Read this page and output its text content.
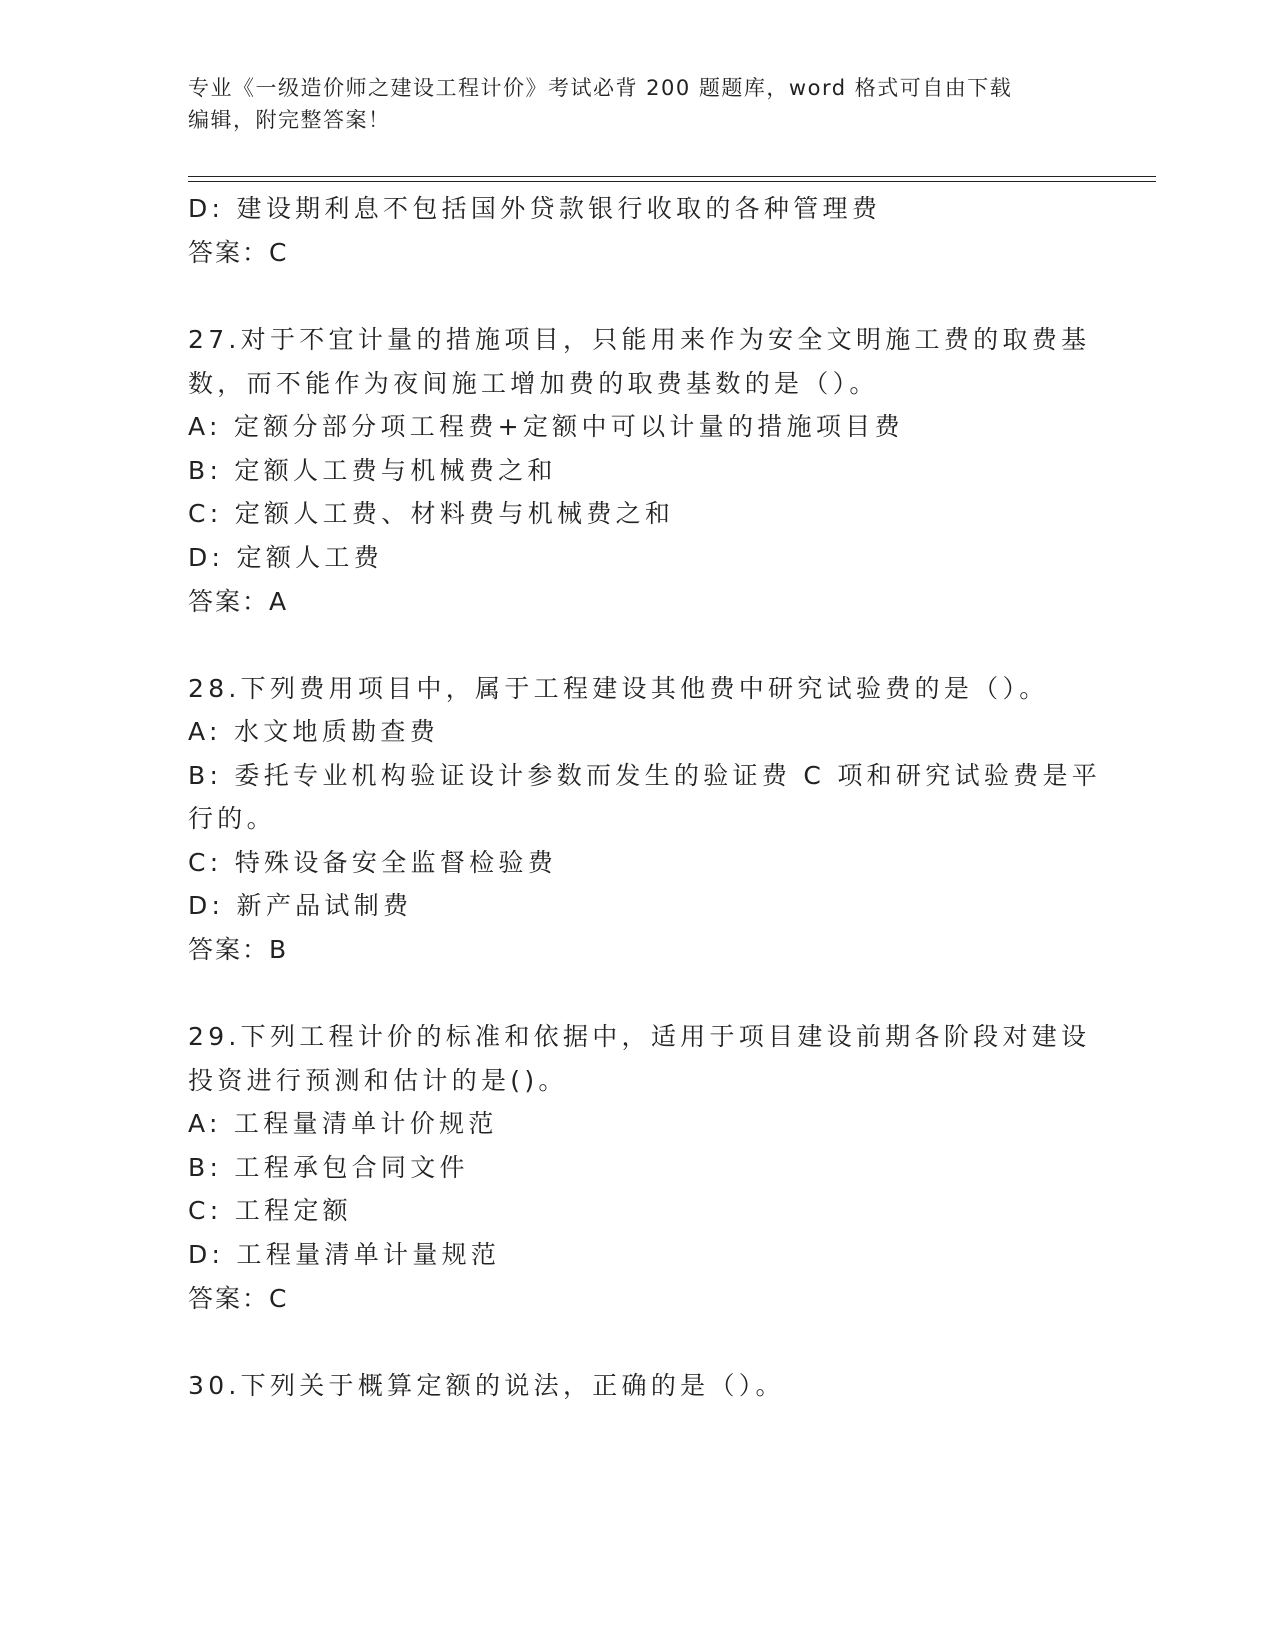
专业《一级造价师之建设工程计价》考试必背 200 题题库，word 格式可自由下载
编辑，附完整答案！
D: 建设期利息不包括国外贷款银行收取的各种管理费
答案：C
27.对于不宜计量的措施项目，只能用来作为安全文明施工费的取费基
数，而不能作为夜间施工增加费的取费基数的是（）。
A: 定额分部分项工程费+定额中可以计量的措施项目费
B: 定额人工费与机械费之和
C: 定额人工费、材料费与机械费之和
D: 定额人工费
答案：A
28.下列费用项目中，属于工程建设其他费中研究试验费的是（）。
A: 水文地质勘查费
B: 委托专业机构验证设计参数而发生的验证费 C 项和研究试验费是平
行的。
C: 特殊设备安全监督检验费
D: 新产品试制费
答案：B
29.下列工程计价的标准和依据中，适用于项目建设前期各阶段对建设
投资进行预测和估计的是()。
A: 工程量清单计价规范
B: 工程承包合同文件
C: 工程定额
D: 工程量清单计量规范
答案：C
30.下列关于概算定额的说法，正确的是（）。
